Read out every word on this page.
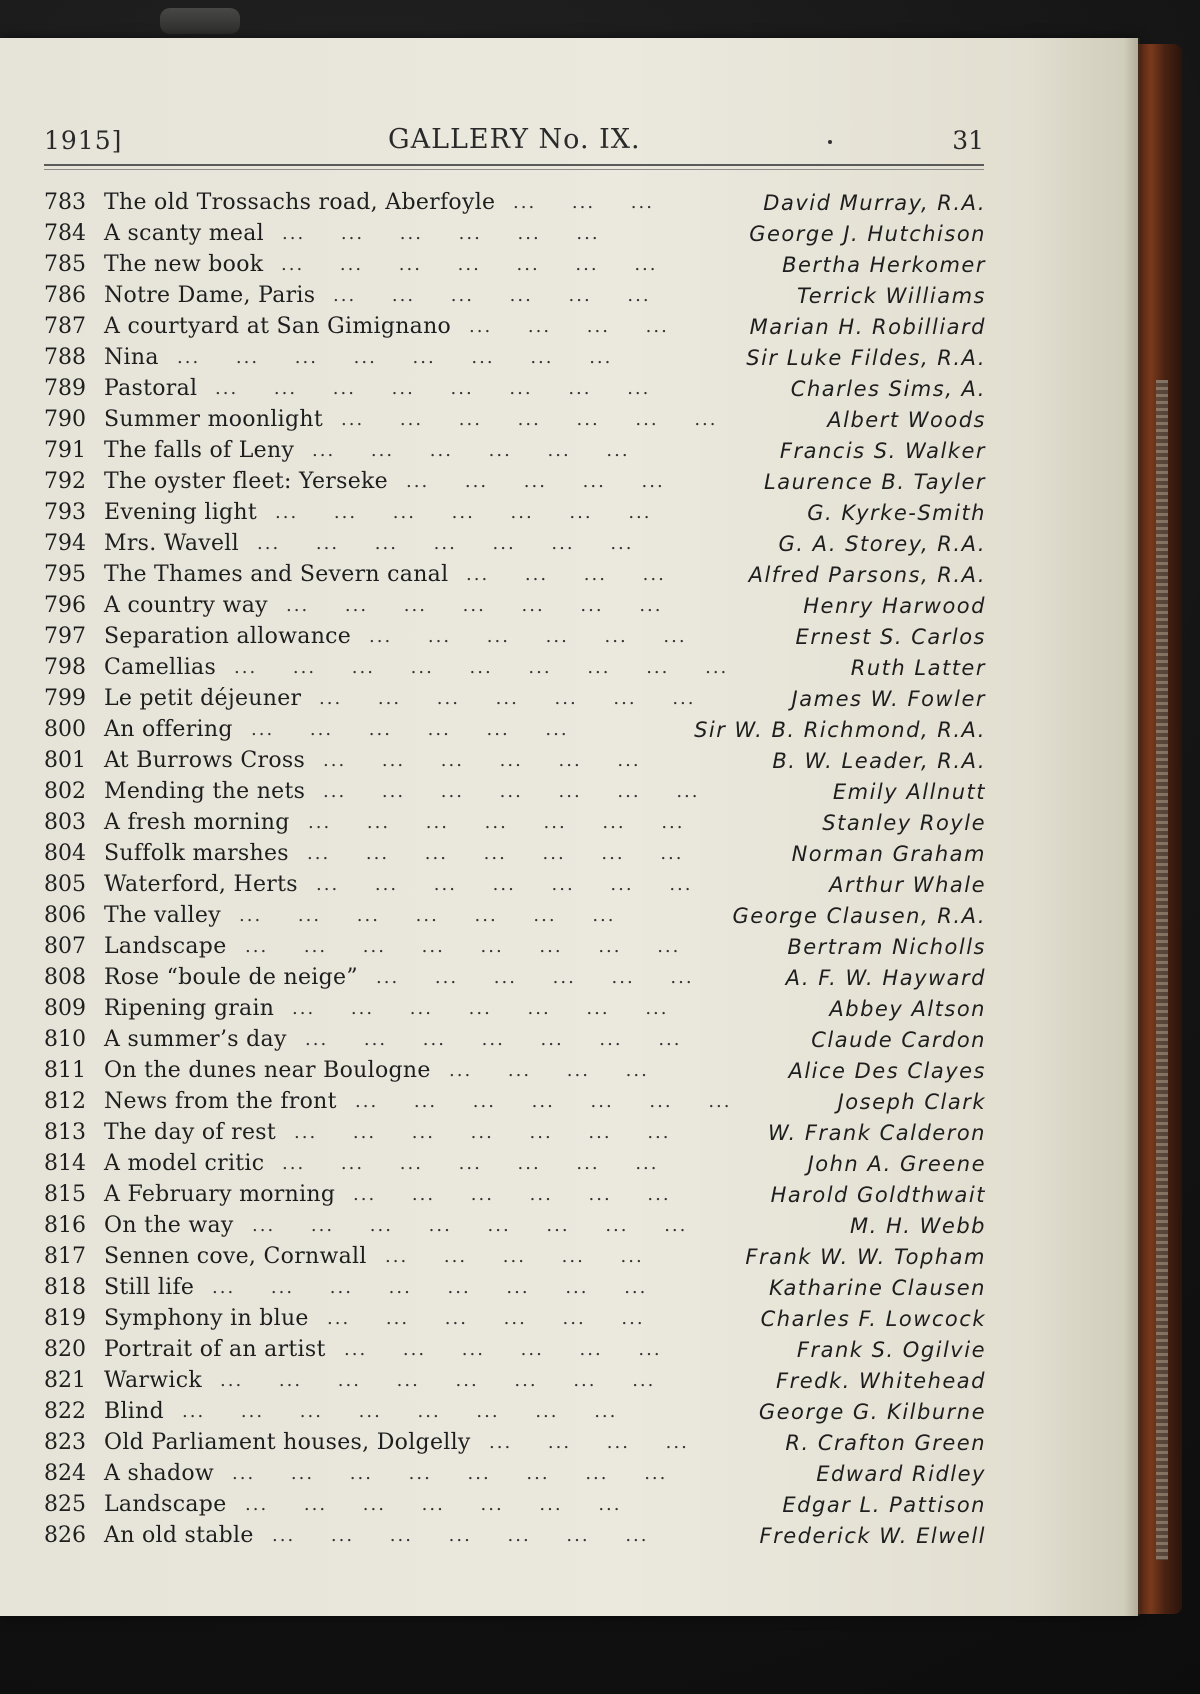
1915]	GALLERY No. IX.	31
783 The old Trossachs road, Aberfoyle ... ... ...	David Murray, R.A.
784 A scanty meal ... ... ... ... ... ...	George J. Hutchison
785 The new book ... ... ... ... ... ... ...	Bertha Herkomer
786 Notre Dame, Paris ... ... ... ... ... ...	Terrick Williams
787 A courtyard at San Gimignano ... ... ... ...	Marian H. Robilliard
788 Nina ... ... ... ... ... ... ... ...	Sir Luke Fildes, R.A.
789 Pastoral ... ... ... ... ... ... ... ...	Charles Sims, A.
790 Summer moonlight ... ... ... ... ... ... ...	Albert Woods
791 The falls of Leny ... ... ... ... ... ...	Francis S. Walker
792 The oyster fleet: Yerseke ... ... ... ... ...	Laurence B. Tayler
793 Evening light ... ... ... ... ... ... ...	G. Kyrke-Smith
794 Mrs. Wavell ... ... ... ... ... ... ...	G. A. Storey, R.A.
795 The Thames and Severn canal ... ... ... ...	Alfred Parsons, R.A.
796 A country way ... ... ... ... ... ... ...	Henry Harwood
797 Separation allowance ... ... ... ... ... ...	Ernest S. Carlos
798 Camellias ... ... ... ... ... ... ... ... ...	Ruth Latter
799 Le petit déjeuner ... ... ... ... ... ... ...	James W. Fowler
800 An offering ... ... ... ... ... ...	Sir W. B. Richmond, R.A.
801 At Burrows Cross ... ... ... ... ... ...	B. W. Leader, R.A.
802 Mending the nets ... ... ... ... ... ... ...	Emily Allnutt
803 A fresh morning ... ... ... ... ... ... ...	Stanley Royle
804 Suffolk marshes ... ... ... ... ... ... ...	Norman Graham
805 Waterford, Herts ... ... ... ... ... ... ...	Arthur Whale
806 The valley ... ... ... ... ... ... ...	George Clausen, R.A.
807 Landscape ... ... ... ... ... ... ... ...	Bertram Nicholls
808 Rose “boule de neige” ... ... ... ... ... ...	A. F. W. Hayward
809 Ripening grain ... ... ... ... ... ... ...	Abbey Altson
810 A summer’s day ... ... ... ... ... ... ...	Claude Cardon
811 On the dunes near Boulogne ... ... ... ...	Alice Des Clayes
812 News from the front ... ... ... ... ... ... ...	Joseph Clark
813 The day of rest ... ... ... ... ... ... ...	W. Frank Calderon
814 A model critic ... ... ... ... ... ... ...	John A. Greene
815 A February morning ... ... ... ... ... ...	Harold Goldthwait
816 On the way ... ... ... ... ... ... ... ...	M. H. Webb
817 Sennen cove, Cornwall ... ... ... ... ...	Frank W. W. Topham
818 Still life ... ... ... ... ... ... ... ...	Katharine Clausen
819 Symphony in blue ... ... ... ... ... ...	Charles F. Lowcock
820 Portrait of an artist ... ... ... ... ... ...	Frank S. Ogilvie
821 Warwick ... ... ... ... ... ... ... ...	Fredk. Whitehead
822 Blind ... ... ... ... ... ... ... ...	George G. Kilburne
823 Old Parliament houses, Dolgelly ... ... ... ...	R. Crafton Green
824 A shadow ... ... ... ... ... ... ... ...	Edward Ridley
825 Landscape ... ... ... ... ... ... ...	Edgar L. Pattison
826 An old stable ... ... ... ... ... ... ...	Frederick W. Elwell
